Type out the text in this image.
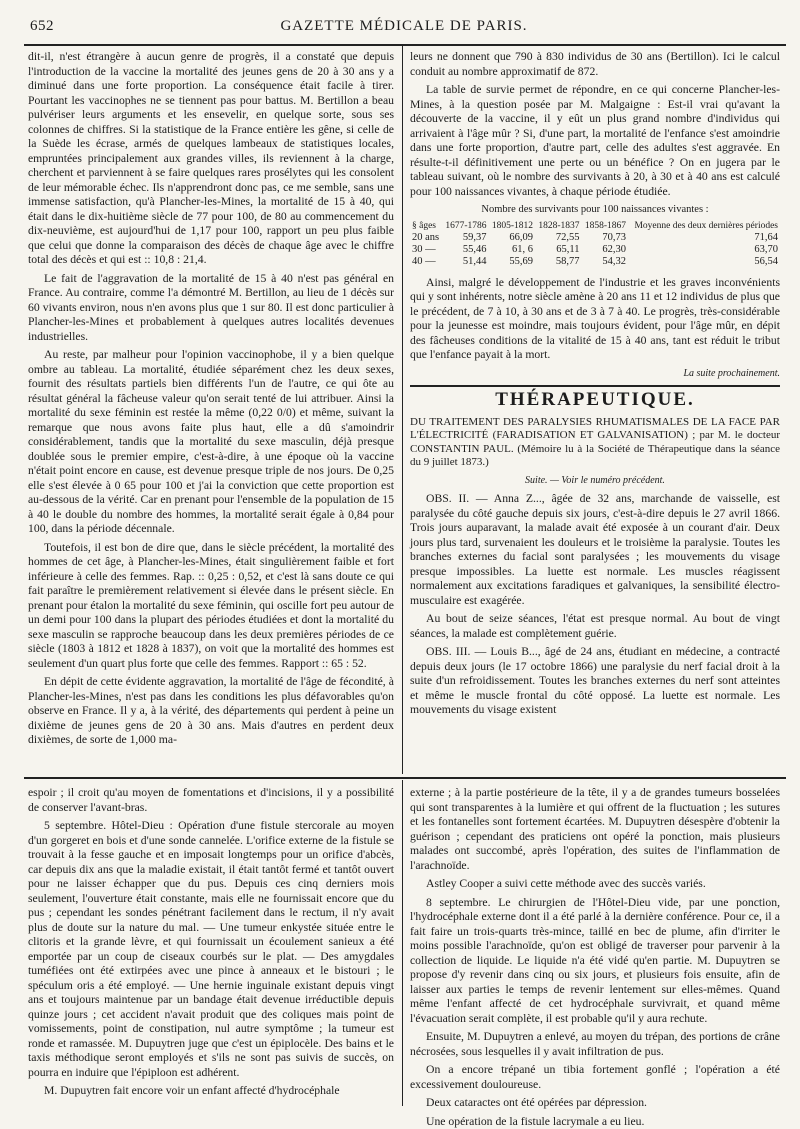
652	GAZETTE MÉDICALE DE PARIS.

dit-il, n'est étrangère à aucun genre de progrès, il a constaté que depuis l'introduction de la vaccine la mortalité des jeunes gens de 20 à 30 ans y a diminué dans une forte proportion. La conséquence était facile à tirer. Pourtant les vaccinophes ne se tiennent pas pour battus. M. Bertillon a beau pulvériser leurs arguments et les ensevelir, en quelque sorte, sous ses colonnes de chiffres. Si la statistique de la France entière les gêne, si celle de la Suède les écrase, armés de quelques lambeaux de statistiques locales, empruntées principalement aux grandes villes, ils reviennent à la charge, cherchent et parviennent à se faire quelques rares prosélytes qui les consolent de leur mémorable échec. Ils n'apprendront donc pas, ce me semble, sans une immense satisfaction, qu'à Plancher-les-Mines, la mortalité de 15 à 40, qui était dans le dix-huitième siècle de 77 pour 100, de 80 au commencement du dix-neuvième, est aujourd'hui de 1,17 pour 100, rapport un peu plus faible que celui que donne la comparaison des décès de chaque âge avec le chiffre total des décès et qui est :: 10,8 : 21,4.

Le fait de l'aggravation de la mortalité de 15 à 40 n'est pas général en France. Au contraire, comme l'a démontré M. Bertillon, au lieu de 1 décès sur 60 vivants environ, nous n'en avons plus que 1 sur 80. Il est donc particulier à Plancher-les-Mines et probablement à quelques autres localités devenues industrielles.

Au reste, par malheur pour l'opinion vaccinophobe, il y a bien quelque ombre au tableau. La mortalité, étudiée séparément chez les deux sexes, fournit des résultats partiels bien différents l'un de l'autre, ce qui ôte au résultat général la fâcheuse valeur qu'on serait tenté de lui attribuer. Ainsi la mortalité du sexe féminin est restée la même (0,22 0/0) et même, suivant la remarque que nous avons faite plus haut, elle a dû s'amoindrir considérablement, tandis que la mortalité du sexe masculin, déjà presque doublée sous le premier empire, c'est-à-dire, à une époque où la vaccine n'était point encore en cause, est devenue presque triple de nos jours. De 0,25 elle s'est élevée à 0 65 pour 100 et j'ai la conviction que cette proportion est au-dessous de la vérité. Car en prenant pour l'ensemble de la population de 15 à 40 le double du nombre des hommes, la mortalité serait égale à 0,84 pour 100, dans la période décennale.

Toutefois, il est bon de dire que, dans le siècle précédent, la mortalité des hommes de cet âge, à Plancher-les-Mines, était singulièrement faible et fort inférieure à celle des femmes. Rap. :: 0,25 : 0,52, et c'est là sans doute ce qui fait paraître le premièrement relativement si élevée dans le présent siècle. En prenant pour étalon la mortalité du sexe féminin, qui oscille fort peu autour de un demi pour 100 dans la plupart des périodes étudiées et dont la mortalité du sexe masculin se rapproche beaucoup dans les deux premières périodes de ce siècle (1803 à 1812 et 1828 à 1837), on voit que la mortalité des hommes est seulement d'un quart plus forte que celle des femmes. Rapport :: 65 : 52.

En dépit de cette évidente aggravation, la mortalité de l'âge de fécondité, à Plancher-les-Mines, n'est pas dans les conditions les plus défavorables qu'on observe en France. Il y a, à la vérité, des départements qui perdent à peine un dixième de jeunes gens de 20 à 30 ans. Mais d'autres en perdent deux dixièmes, de sorte de 1,000 ma-

leurs ne donnent que 790 à 830 individus de 30 ans (Bertillon). Ici le calcul conduit au nombre approximatif de 872.

La table de survie permet de répondre, en ce qui concerne Plancher-les-Mines, à la question posée par M. Malgaigne : Est-il vrai qu'avant la découverte de la vaccine, il y eût un plus grand nombre d'individus qui arrivaient à l'âge mûr ? Si, d'une part, la mortalité de l'enfance s'est amoindrie dans une forte proportion, d'autre part, celle des adultes s'est aggravée. En résulte-t-il définitivement une perte ou un bénéfice ? On en jugera par le tableau suivant, où le nombre des survivants à 20, à 30 et à 40 ans est calculé pour 100 naissances vivantes, à chaque période étudiée.

Nombre des survivants pour 100 naissances vivantes :
§ âges	1677-1786	1805-1812	1828-1837	1858-1867	Moyenne des deux dernières périodes
20 ans	59,37	66,09	72,55	70,73	71,64
30 —	55,46	61, 6	65,11	62,30	63,70
40 —	51,44	55,69	58,77	54,32	56,54

Ainsi, malgré le développement de l'industrie et les graves inconvénients qui y sont inhérents, notre siècle amène à 20 ans 11 et 12 individus de plus que le précédent, de 7 à 10, à 30 ans et de 3 à 7 à 40. Le progrès, très-considérable pour la jeunesse est moindre, mais toujours évident, pour l'âge mûr, en dépit des fâcheuses conditions de la vitalité de 15 à 40 ans, tant est réduit le tribut que l'enfance payait à la mort.

La suite prochainement.
THÉRAPEUTIQUE.
DU TRAITEMENT DES PARALYSIES RHUMATISMALES DE LA FACE PAR L'ÉLECTRICITÉ (FARADISATION ET GALVANISATION) ; par M. le docteur CONSTANTIN PAUL. (Mémoire lu à la Société de Thérapeutique dans la séance du 9 juillet 1873.)
Suite. — Voir le numéro précédent.

OBS. II. — Anna Z..., âgée de 32 ans, marchande de vaisselle, est paralysée du côté gauche depuis six jours, c'est-à-dire depuis le 27 avril 1866. Trois jours auparavant, la malade avait été exposée à un courant d'air. Deux jours plus tard, survenaient les douleurs et le troisième la paralysie. Toutes les branches externes du facial sont paralysées ; les mouvements du visage presque impossibles. La luette est normale. Les muscles réagissent normalement aux excitations faradiques et galvaniques, la sensibilité électro-musculaire est exagérée.

Au bout de seize séances, l'état est presque normal. Au bout de vingt séances, la malade est complètement guérie.

OBS. III. — Louis B..., âgé de 24 ans, étudiant en médecine, a contracté depuis deux jours (le 17 octobre 1866) une paralysie du nerf facial droit à la suite d'un refroidissement. Toutes les branches externes du nerf sont atteintes et même le muscle frontal du côté opposé. La luette est normale. Les mouvements du visage existent

espoir ; il croit qu'au moyen de fomentations et d'incisions, il y a possibilité de conserver l'avant-bras.

5 septembre. Hôtel-Dieu : Opération d'une fistule stercorale au moyen d'un gorgeret en bois et d'une sonde cannelée. L'orifice externe de la fistule se trouvait à la fesse gauche et en imposait longtemps pour un orifice d'abcès, car depuis dix ans que la maladie existait, il était tantôt fermé et tantôt ouvert pour ne laisser échapper que du pus. Depuis ces cinq derniers mois seulement, l'ouverture était constante, mais elle ne fournissait encore que du pus ; cependant les sondes pénétrant facilement dans le rectum, il n'y avait plus de doute sur la nature du mal. — Une tumeur enkystée située entre le clitoris et la grande lèvre, et qui fournissait un écoulement sanieux a été emportée par un coup de ciseaux courbés sur le plat. — Des amygdales tuméfiées ont été extirpées avec une pince à anneaux et le bistouri ; le spéculum oris a été employé. — Une hernie inguinale existant depuis vingt ans et toujours maintenue par un bandage était devenue irréductible depuis quinze jours ; cet accident n'avait produit que des coliques mais point de vomissements, point de constipation, nul autre symptôme ; la tumeur est ronde et ramassée. M. Dupuytren juge que c'est un épiplocèle. Des bains et le taxis méthodique seront employés et s'ils ne sont pas suivis de succès, on pourra en induire que l'épiploon est adhérent.

M. Dupuytren fait encore voir un enfant affecté d'hydrocéphale

externe ; à la partie postérieure de la tête, il y a de grandes tumeurs bosselées qui sont transparentes à la lumière et qui offrent de la fluctuation ; les sutures et les fontanelles sont fortement écartées. M. Dupuytren désespère d'obtenir la guérison ; cependant des praticiens ont opéré la ponction, mais plusieurs malades ont succombé, après l'opération, des suites de l'inflammation de l'arachnoïde.

Astley Cooper a suivi cette méthode avec des succès variés.

8 septembre. Le chirurgien de l'Hôtel-Dieu vide, par une ponction, l'hydrocéphale externe dont il a été parlé à la dernière conférence. Pour ce, il a fait faire un trois-quarts très-mince, taillé en bec de plume, afin d'irriter le moins possible l'arachnoïde, qu'on est obligé de traverser pour parvenir à la collection de liquide. Le liquide n'a été vidé qu'en partie. M. Dupuytren se propose d'y revenir dans cinq ou six jours, et plusieurs fois ensuite, afin de laisser aux parties le temps de revenir lentement sur elles-mêmes. Quand même l'enfant affecté de cet hydrocéphale survivrait, et quand même l'évacuation serait complète, il est probable qu'il y aura rechute.

Ensuite, M. Dupuytren a enlevé, au moyen du trépan, des portions de crâne nécrosées, sous lesquelles il y avait infiltration de pus.

On a encore trépané un tibia fortement gonflé ; l'opération a été excessivement douloureuse.

Deux cataractes ont été opérées par dépression.

Une opération de la fistule lacrymale a eu lieu.
